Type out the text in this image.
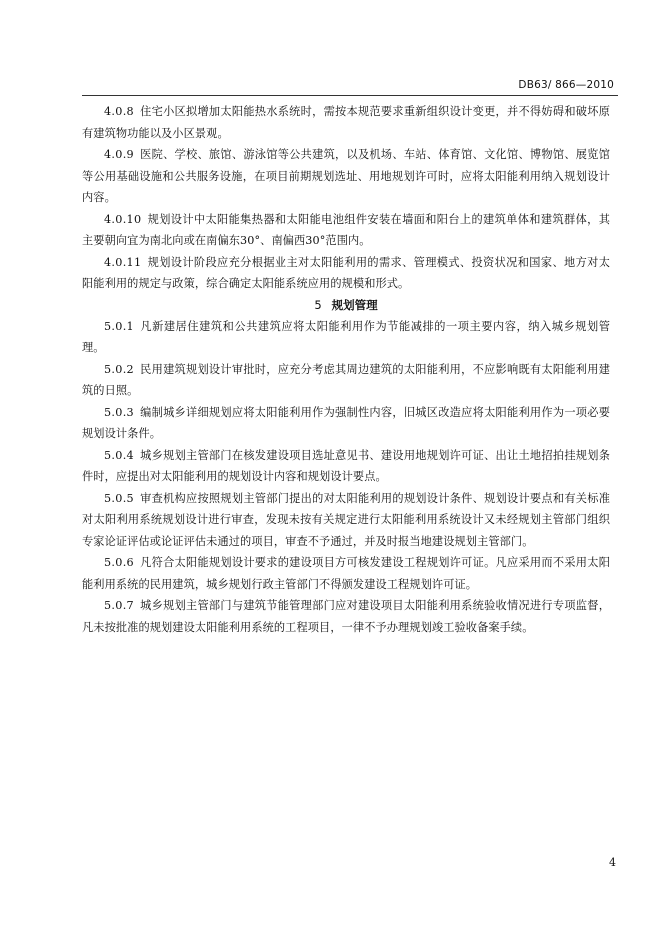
DB63/ 866—2010

4.0.8 住宅小区拟增加太阳能热水系统时，需按本规范要求重新组织设计变更，并不得妨碍和破坏原有建筑物功能以及小区景观。

4.0.9 医院、学校、旅馆、游泳馆等公共建筑，以及机场、车站、体育馆、文化馆、博物馆、展览馆等公用基础设施和公共服务设施，在项目前期规划选址、用地规划许可时，应将太阳能利用纳入规划设计内容。

4.0.10 规划设计中太阳能集热器和太阳能电池组件安装在墙面和阳台上的建筑单体和建筑群体，其主要朝向宜为南北向或在南偏东30°、南偏西30°范围内。

4.0.11 规划设计阶段应充分根据业主对太阳能利用的需求、管理模式、投资状况和国家、地方对太阳能利用的规定与政策，综合确定太阳能系统应用的规模和形式。

5 规划管理

5.0.1 凡新建居住建筑和公共建筑应将太阳能利用作为节能减排的一项主要内容，纳入城乡规划管理。

5.0.2 民用建筑规划设计审批时，应充分考虑其周边建筑的太阳能利用，不应影响既有太阳能利用建筑的日照。

5.0.3 编制城乡详细规划应将太阳能利用作为强制性内容，旧城区改造应将太阳能利用作为一项必要规划设计条件。

5.0.4 城乡规划主管部门在核发建设项目选址意见书、建设用地规划许可证、出让土地招拍挂规划条件时，应提出对太阳能利用的规划设计内容和规划设计要点。

5.0.5 审查机构应按照规划主管部门提出的对太阳能利用的规划设计条件、规划设计要点和有关标准对太阳利用系统规划设计进行审查，发现未按有关规定进行太阳能利用系统设计又未经规划主管部门组织专家论证评估或论证评估未通过的项目，审查不予通过，并及时报当地建设规划主管部门。

5.0.6 凡符合太阳能规划设计要求的建设项目方可核发建设工程规划许可证。凡应采用而不采用太阳能利用系统的民用建筑，城乡规划行政主管部门不得颁发建设工程规划许可证。

5.0.7 城乡规划主管部门与建筑节能管理部门应对建设项目太阳能利用系统验收情况进行专项监督，凡未按批准的规划建设太阳能利用系统的工程项目，一律不予办理规划竣工验收备案手续。

4
